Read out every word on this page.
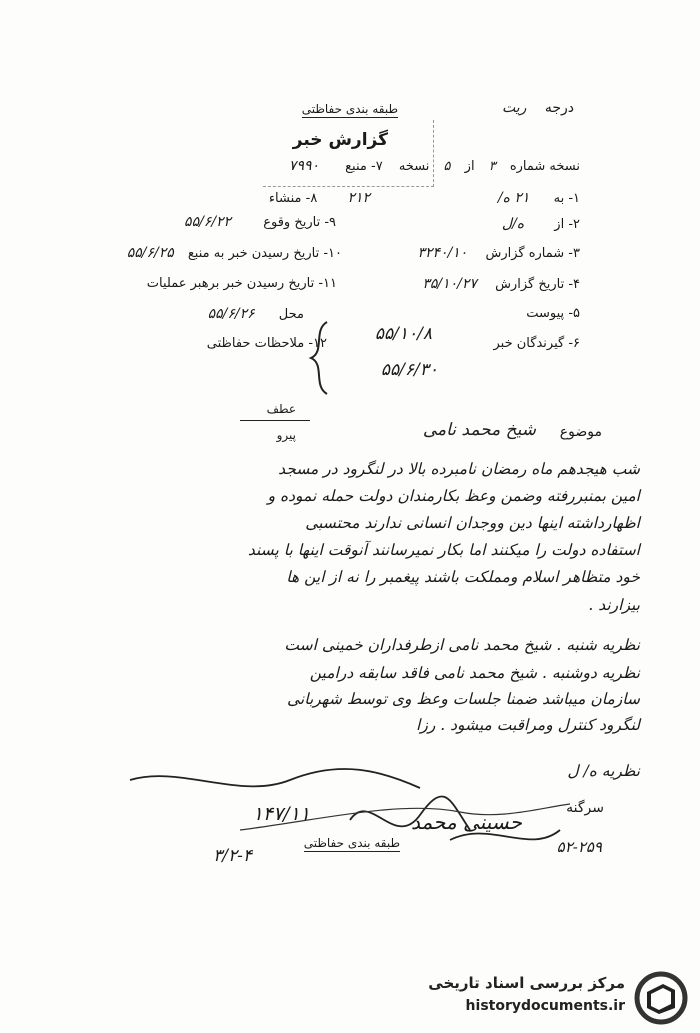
درجه ریت
طبقه بندی حفاظتی
گزارش خبر
نسخه شماره ۳ از ۵ نسخه ۷- منبع ۷۹۹۰
۱- به ۲۱ ه/
۲۱۲ ۸- منشاء
۲- از ه/ل
۹- تاریخ وقوع ۵۵/۶/۲۲
۳- شماره گزارش ۳۲۴۰/۱۰
۱۰- تاریخ رسیدن خبر به منبع ۵۵/۶/۲۵
۴- تاریخ گزارش ۳۵/۱۰/۲۷
۱۱- تاریخ رسیدن خبر برهبر عملیات
۵- پیوست
محل ۵۵/۶/۲۶
۶- گیرندگان خبر
۱۲- ملاحظات حفاظتی	۵۵/۱۰/۸
۵۵/۶/۳۰
عطف
پیرو	موضوع
شیخ محمد نامی
شب هیجدهم ماه رمضان نامبرده بالا در لنگرود در مسجد
امین بمنبررفته وضمن وعظ بکارمندان دولت حمله نموده و
اظهارداشته اینها دین ووجدان انسانی ندارند محتسبی
استفاده دولت را میکنند اما بکار نمیرسانند آنوقت اینها با پسند
خود متظاهر اسلام ومملکت باشند پیغمبر را نه از این ها
بیزارند .
نظریه شنبه . شیخ محمد نامی ازطرفداران خمینی است
نظریه دوشنبه . شیخ محمد نامی فاقد سابقه درامین
سازمان میباشد ضمنا جلسات وعظ وی توسط شهربانی
لنگرود کنترل ومراقبت میشود . رزا
نظریه ه/ ل
حسینی محمد
۱۴۷/۱۱	سرگنه
۵۲-۲۵۹
۳/۲-۴
طبقه بندی حفاظتی
مرکز بررسی اسناد تاریخی
historydocuments.ir
